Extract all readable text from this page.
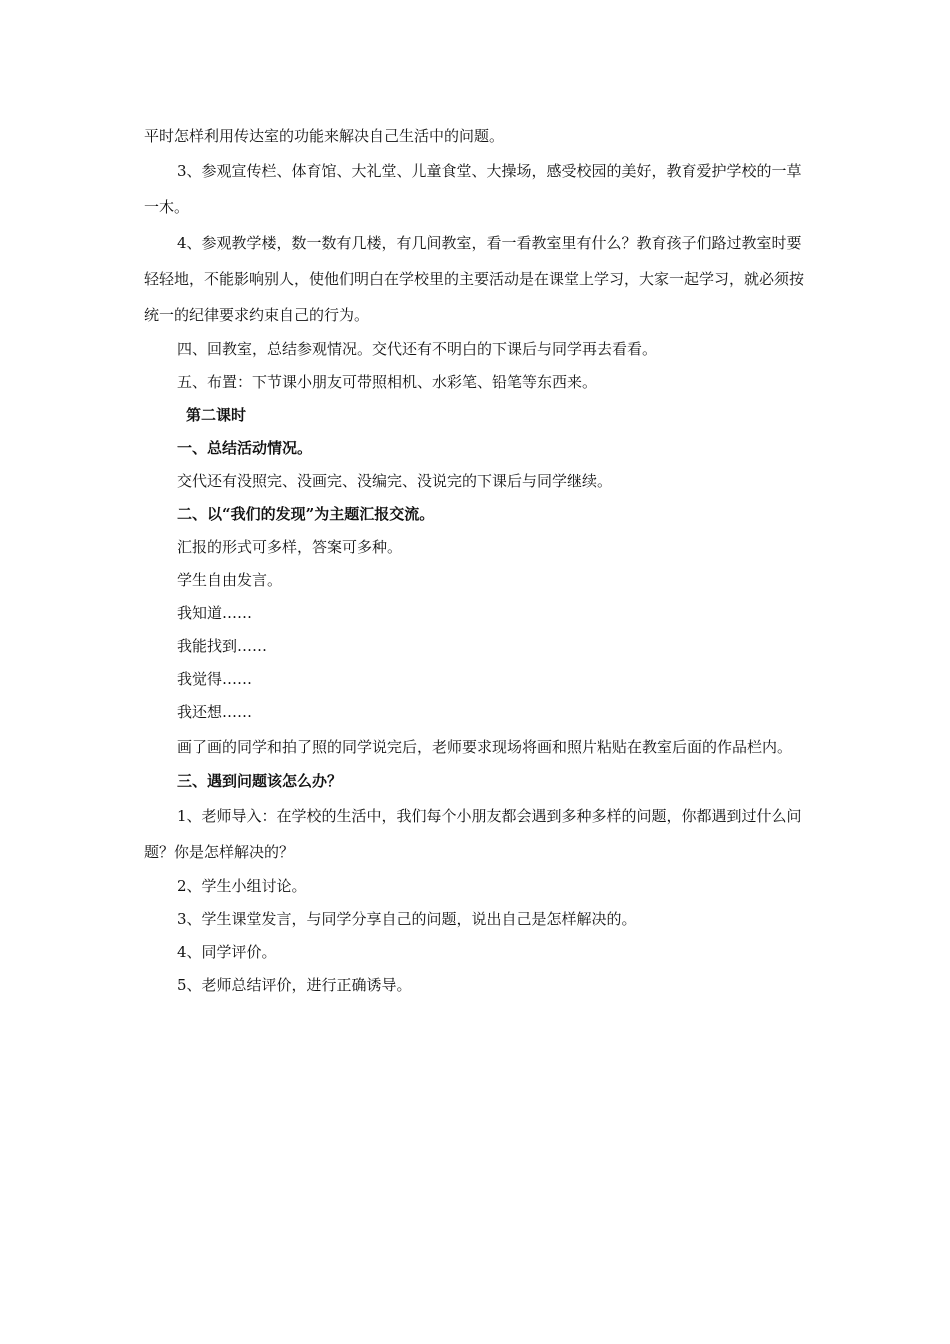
平时怎样利用传达室的功能来解决自己生活中的问题。

3、参观宣传栏、体育馆、大礼堂、儿童食堂、大操场，感受校园的美好，教育爱护学校的一草一木。

4、参观教学楼，数一数有几楼，有几间教室，看一看教室里有什么？教育孩子们路过教室时要轻轻地，不能影响别人，使他们明白在学校里的主要活动是在课堂上学习，大家一起学习，就必须按统一的纪律要求约束自己的行为。

四、回教室，总结参观情况。交代还有不明白的下课后与同学再去看看。

五、布置：下节课小朋友可带照相机、水彩笔、铅笔等东西来。

第二课时

一、总结活动情况。

交代还有没照完、没画完、没编完、没说完的下课后与同学继续。

二、以“我们的发现”为主题汇报交流。

汇报的形式可多样，答案可多种。

学生自由发言。

我知道……

我能找到……

我觉得……

我还想……

画了画的同学和拍了照的同学说完后，老师要求现场将画和照片粘贴在教室后面的作品栏内。

三、遇到问题该怎么办？

1、老师导入：在学校的生活中，我们每个小朋友都会遇到多种多样的问题，你都遇到过什么问题？你是怎样解决的？

2、学生小组讨论。

3、学生课堂发言，与同学分享自己的问题，说出自己是怎样解决的。

4、同学评价。

5、老师总结评价，进行正确诱导。
